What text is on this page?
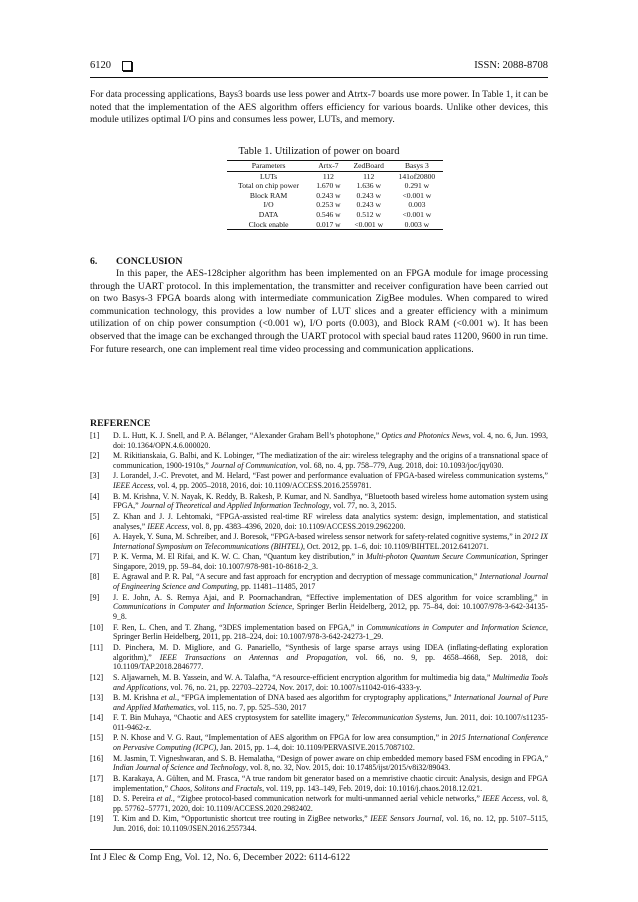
6120	ISSN: 2088-8708

For data processing applications, Bays3 boards use less power and Atrtx-7 boards use more power. In Table 1, it can be noted that the implementation of the AES algorithm offers efficiency for various boards. Unlike other devices, this module utilizes optimal I/O pins and consumes less power, LUTs, and memory.

Table 1. Utilization of power on board
Parameters	Artx-7	ZedBoard	Basys 3
LUTs	112	112	141of20800
Total on chip power	1.670 w	1.636 w	0.291 w
Block RAM	0.243 w	0.243 w	<0.001 w
I/O	0.253 w	0.243 w	0.003
DATA	0.546 w	0.512 w	<0.001 w
Clock enable	0.017 w	<0.001 w	0.003 w
6. CONCLUSION

In this paper, the AES-128cipher algorithm has been implemented on an FPGA module for image processing through the UART protocol. In this implementation, the transmitter and receiver configuration have been carried out on two Basys-3 FPGA boards along with intermediate communication ZigBee modules. When compared to wired communication technology, this provides a low number of LUT slices and a greater efficiency with a minimum utilization of on chip power consumption (<0.001 w), I/O ports (0.003), and Block RAM (<0.001 w). It has been observed that the image can be exchanged through the UART protocol with special baud rates 11200, 9600 in run time. For future research, one can implement real time video processing and communication applications.

REFERENCE
[1] D. L. Hutt, K. J. Snell, and P. A. Bélanger, “Alexander Graham Bell’s photophone,” Optics and Photonics News, vol. 4, no. 6, Jun. 1993, doi: 10.1364/OPN.4.6.000020.
[2] M. Rikitianskaia, G. Balbi, and K. Lobinger, “The mediatization of the air: wireless telegraphy and the origins of a transnational space of communication, 1900-1910s,” Journal of Communication, vol. 68, no. 4, pp. 758–779, Aug. 2018, doi: 10.1093/joc/jqy030.
[3] J. Lorandel, J.-C. Prevotet, and M. Helard, “Fast power and performance evaluation of FPGA-based wireless communication systems,” IEEE Access, vol. 4, pp. 2005–2018, 2016, doi: 10.1109/ACCESS.2016.2559781.
[4] B. M. Krishna, V. N. Nayak, K. Reddy, B. Rakesh, P. Kumar, and N. Sandhya, “Bluetooth based wireless home automation system using FPGA,” Journal of Theoretical and Applied Information Technology, vol. 77, no. 3, 2015.
[5] Z. Khan and J. J. Lehtomaki, “FPGA-assisted real-time RF wireless data analytics system: design, implementation, and statistical analyses,” IEEE Access, vol. 8, pp. 4383–4396, 2020, doi: 10.1109/ACCESS.2019.2962200.
[6] A. Hayek, Y. Suna, M. Schreiber, and J. Boresok, “FPGA-based wireless sensor network for safety-related cognitive systems,” in 2012 IX International Symposium on Telecommunications (BIHTEL), Oct. 2012, pp. 1–6, doi: 10.1109/BIHTEL.2012.6412071.
[7] P. K. Verma, M. El Rifai, and K. W. C. Chan, “Quantum key distribution,” in Multi-photon Quantum Secure Communication, Springer Singapore, 2019, pp. 59–84, doi: 10.1007/978-981-10-8618-2_3.
[8] E. Agrawal and P. R. Pal, “A secure and fast approach for encryption and decryption of message communication,” International Journal of Engineering Science and Computing, pp. 11481–11485, 2017
[9] J. E. John, A. S. Remya Ajai, and P. Poornachandran, “Effective implementation of DES algorithm for voice scrambling,” in Communications in Computer and Information Science, Springer Berlin Heidelberg, 2012, pp. 75–84, doi: 10.1007/978-3-642-34135-9_8.
[10] F. Ren, L. Chen, and T. Zhang, “3DES implementation based on FPGA,” in Communications in Computer and Information Science, Springer Berlin Heidelberg, 2011, pp. 218–224, doi: 10.1007/978-3-642-24273-1_29.
[11] D. Pinchera, M. D. Migliore, and G. Panariello, “Synthesis of large sparse arrays using IDEA (inflating-deflating exploration algorithm),” IEEE Transactions on Antennas and Propagation, vol. 66, no. 9, pp. 4658–4668, Sep. 2018, doi: 10.1109/TAP.2018.2846777.
[12] S. Aljawarneh, M. B. Yassein, and W. A. Talafha, “A resource-efficient encryption algorithm for multimedia big data,” Multimedia Tools and Applications, vol. 76, no. 21, pp. 22703–22724, Nov. 2017, doi: 10.1007/s11042-016-4333-y.
[13] B. M. Krishna et al., “FPGA implementation of DNA based aes algorithm for cryptography applications,” International Journal of Pure and Applied Mathematics, vol. 115, no. 7, pp. 525–530, 2017
[14] F. T. Bin Muhaya, “Chaotic and AES cryptosystem for satellite imagery,” Telecommunication Systems, Jun. 2011, doi: 10.1007/s11235-011-9462-z.
[15] P. N. Khose and V. G. Raut, “Implementation of AES algorithm on FPGA for low area consumption,” in 2015 International Conference on Pervasive Computing (ICPC), Jan. 2015, pp. 1–4, doi: 10.1109/PERVASIVE.2015.7087102.
[16] M. Jasmin, T. Vigneshwaran, and S. B. Hemalatha, “Design of power aware on chip embedded memory based FSM encoding in FPGA,” Indian Journal of Science and Technology, vol. 8, no. 32, Nov. 2015, doi: 10.17485/ijst/2015/v8i32/89043.
[17] B. Karakaya, A. Gülten, and M. Frasca, “A true random bit generator based on a memristive chaotic circuit: Analysis, design and FPGA implementation,” Chaos, Solitons and Fractals, vol. 119, pp. 143–149, Feb. 2019, doi: 10.1016/j.chaos.2018.12.021.
[18] D. S. Pereira et al., “Zigbee protocol-based communication network for multi-unmanned aerial vehicle networks,” IEEE Access, vol. 8, pp. 57762–57771, 2020, doi: 10.1109/ACCESS.2020.2982402.
[19] T. Kim and D. Kim, “Opportunistic shortcut tree routing in ZigBee networks,” IEEE Sensors Journal, vol. 16, no. 12, pp. 5107–5115, Jun. 2016, doi: 10.1109/JSEN.2016.2557344.
Int J Elec & Comp Eng, Vol. 12, No. 6, December 2022: 6114-6122
